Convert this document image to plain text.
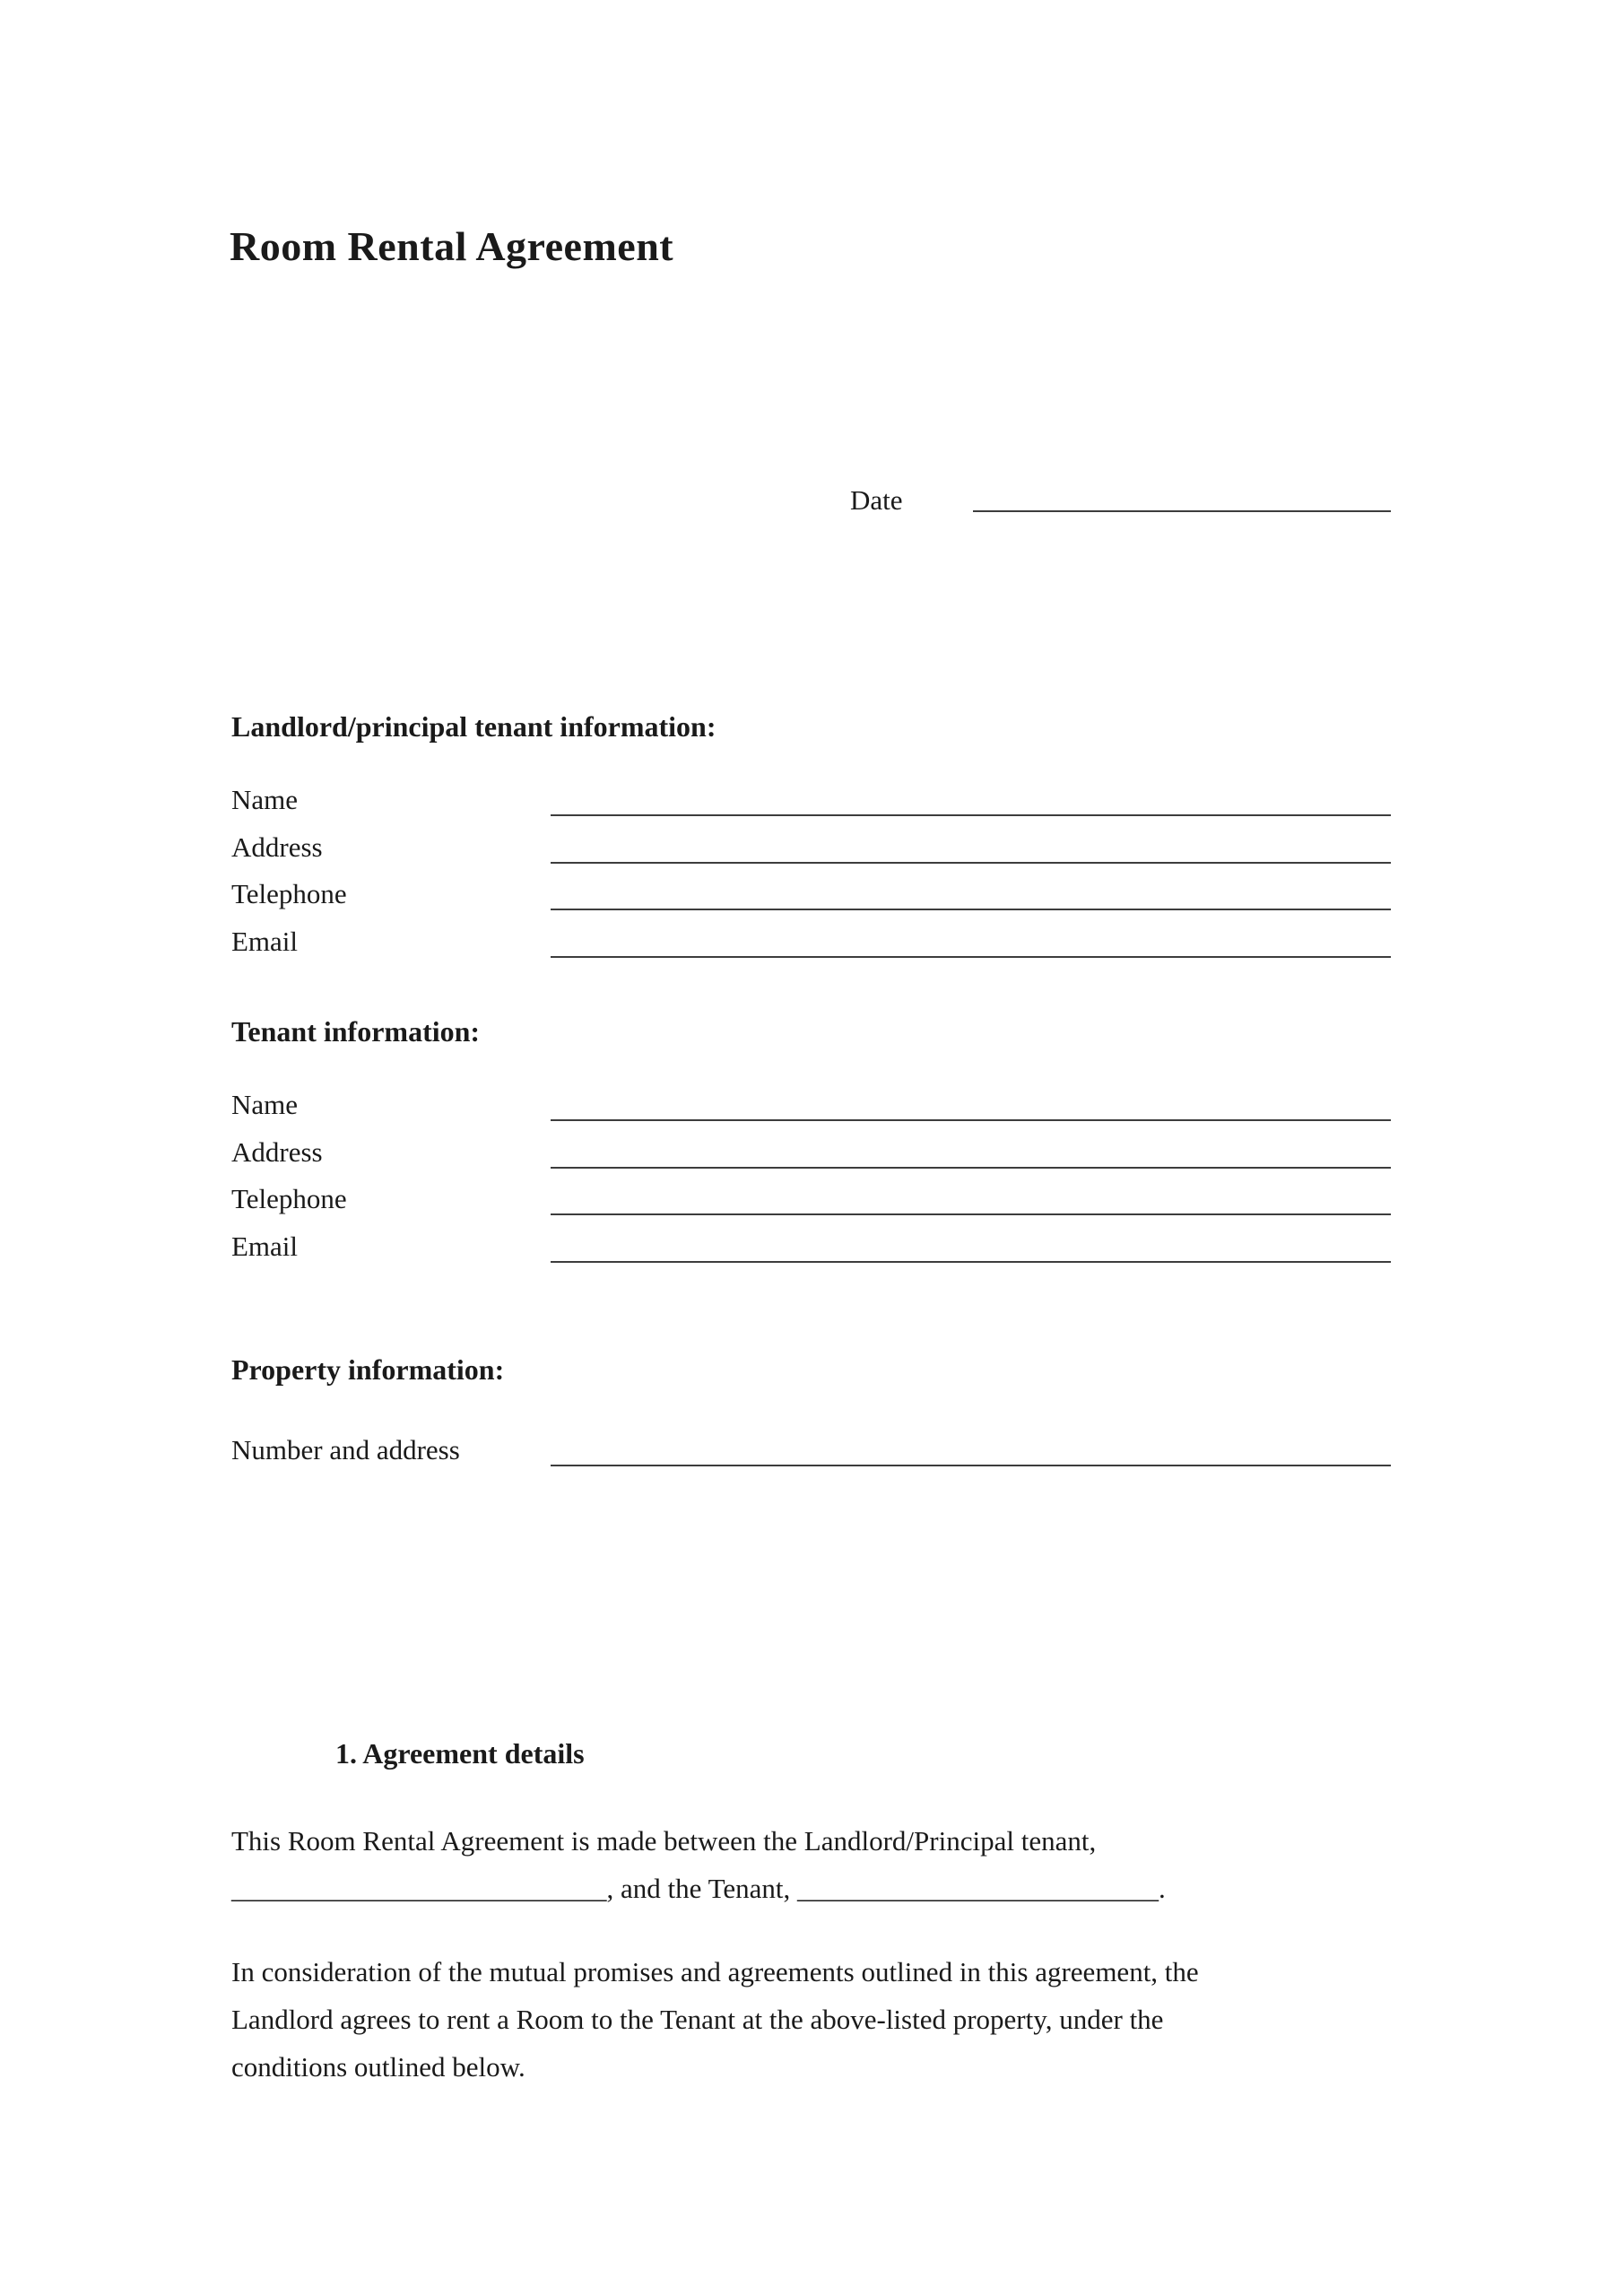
Room Rental Agreement
Date
Landlord/principal tenant information:
Name
Address
Telephone
Email
Tenant information:
Name
Address
Telephone
Email
Property information:
Number and address
1. Agreement details
This Room Rental Agreement is made between the Landlord/Principal tenant,
___________________________, and the Tenant, __________________________.
In consideration of the mutual promises and agreements outlined in this agreement, the
Landlord agrees to rent a Room to the Tenant at the above-listed property, under the
conditions outlined below.
